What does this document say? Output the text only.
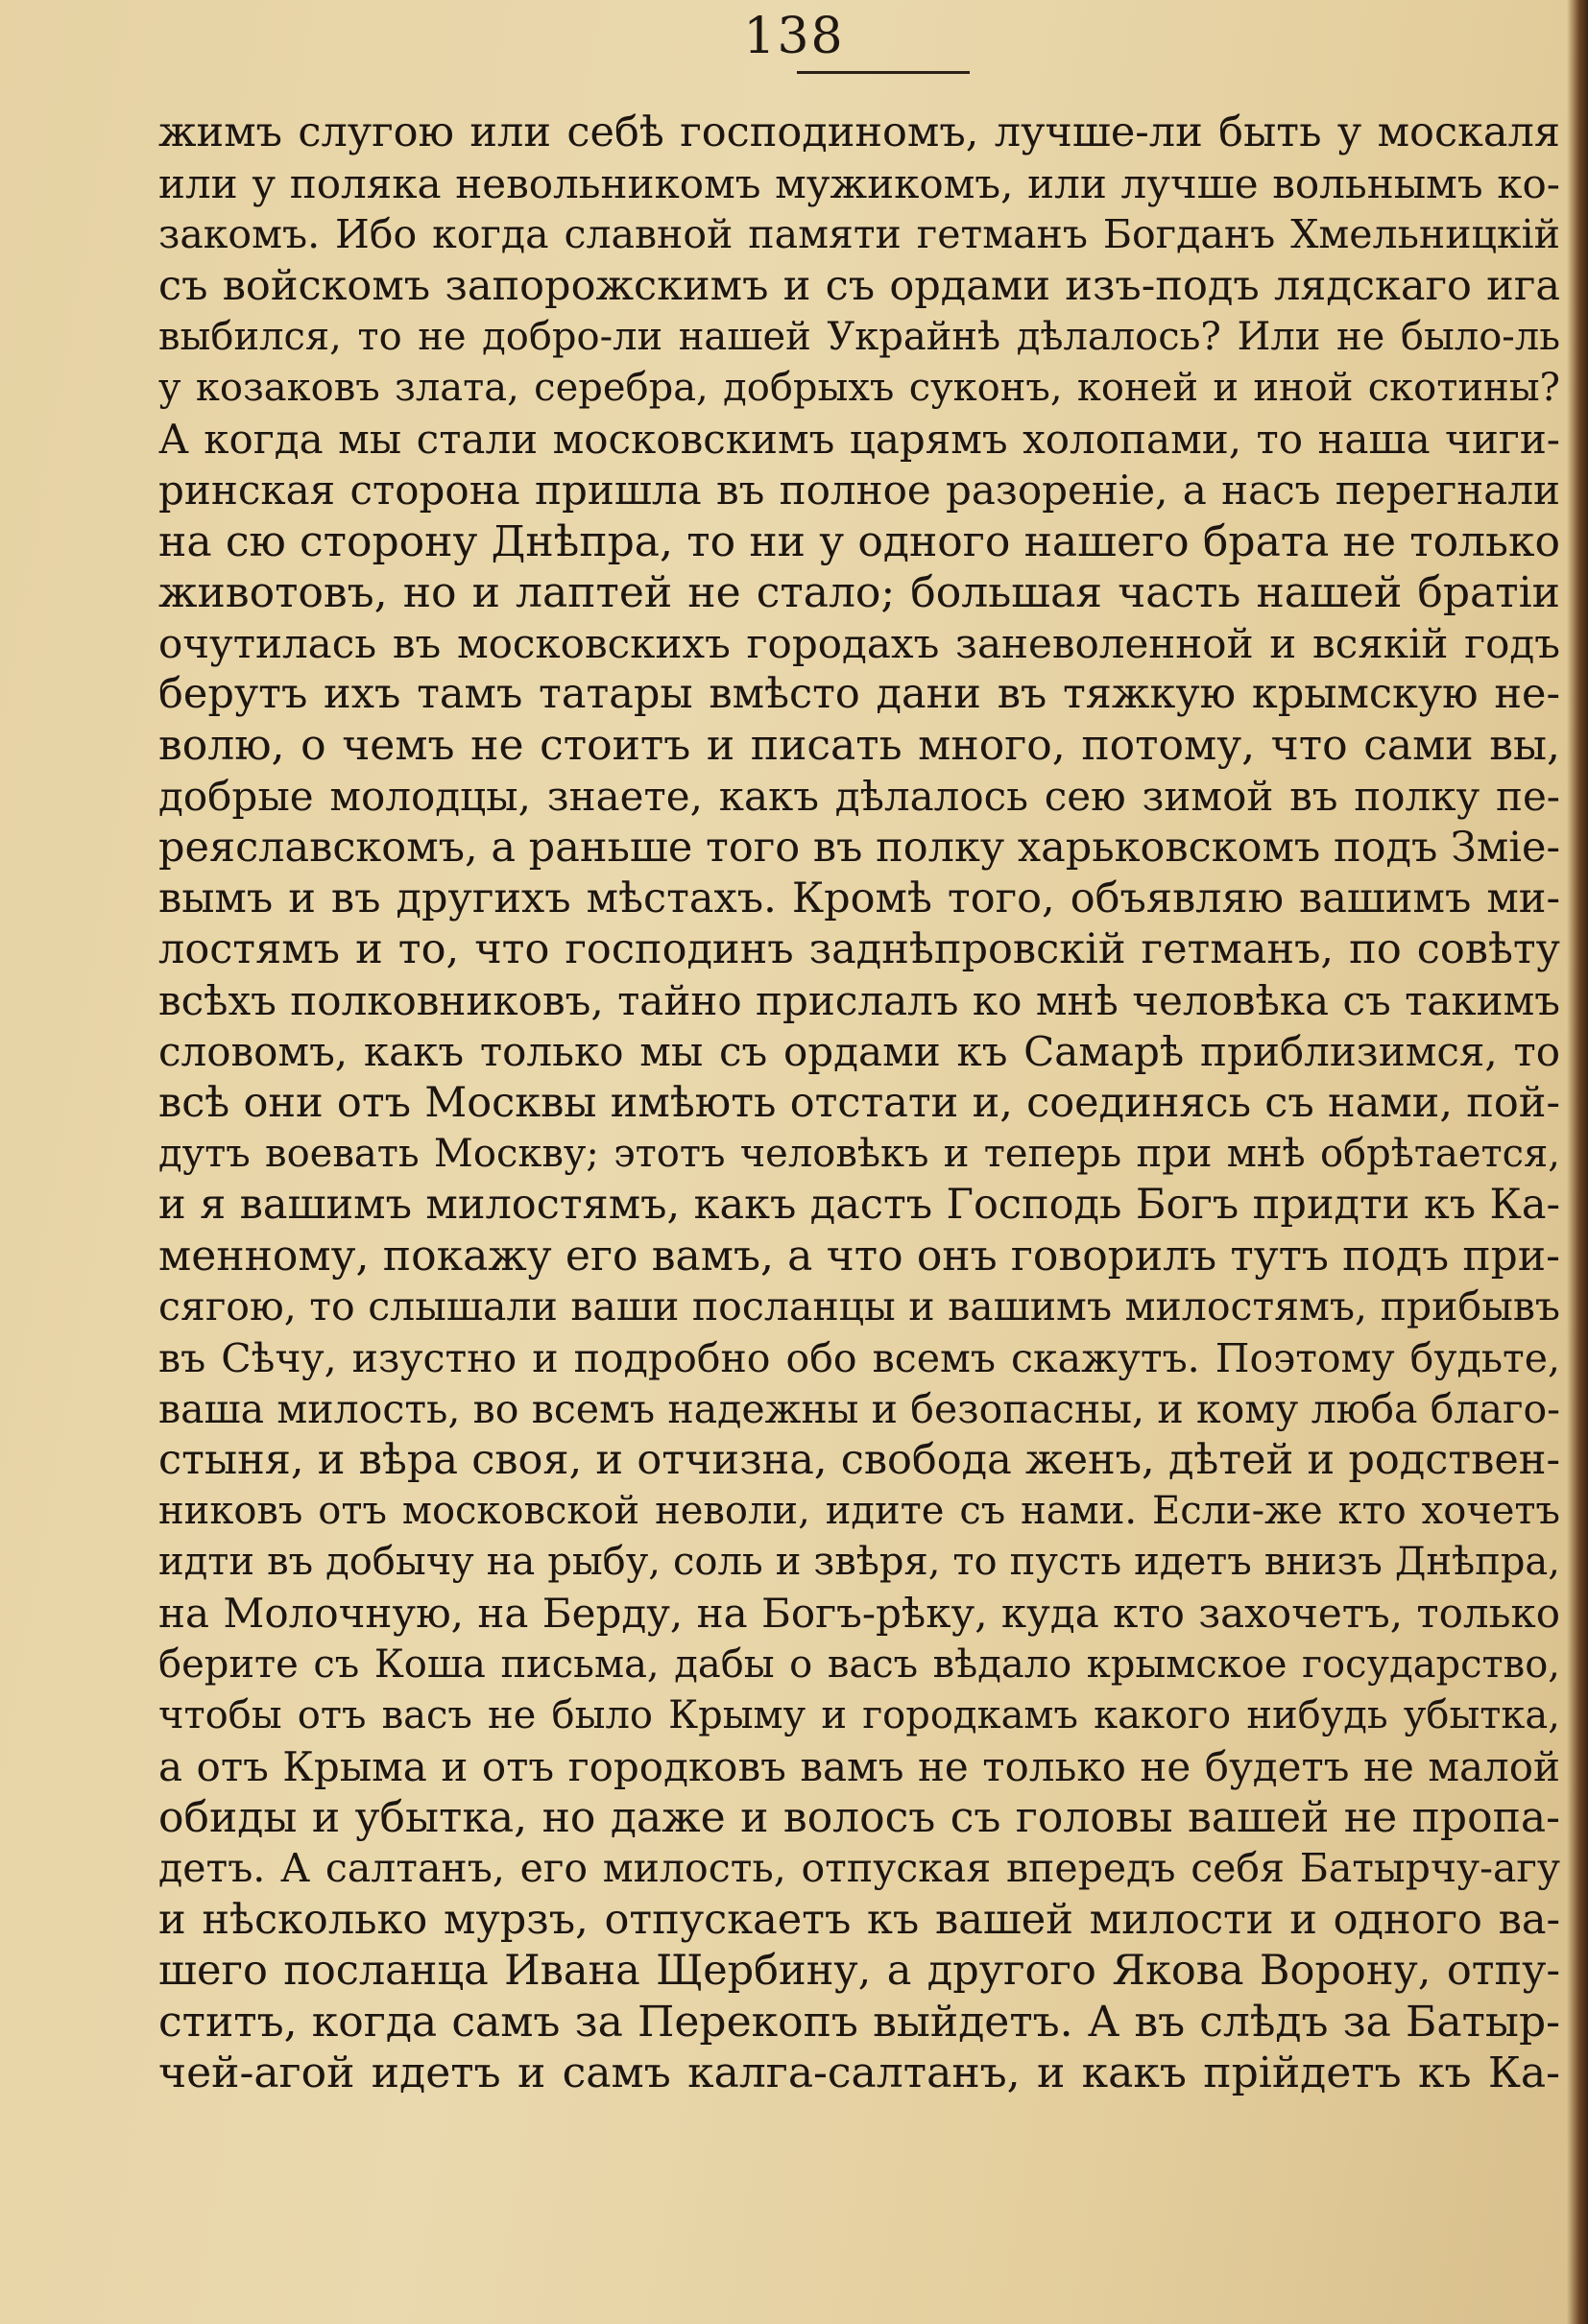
138
жимъ слугою или себѣ господиномъ, лучше-ли быть у москаля
или у поляка невольникомъ мужикомъ, или лучше вольнымъ ко-
закомъ. Ибо когда славной памяти гетманъ Богданъ Хмельницкій
съ войскомъ запорожскимъ и съ ордами изъ-подъ лядскаго ига
выбился, то не добро-ли нашей Украйнѣ дѣлалось? Или не было-ль
у козаковъ злата, серебра, добрыхъ суконъ, коней и иной скотины?
А когда мы стали московскимъ царямъ холопами, то наша чиги-
ринская сторона пришла въ полное разореніе, а насъ перегнали
на сю сторону Днѣпра, то ни у одного нашего брата не только
животовъ, но и лаптей не стало; большая часть нашей братіи
очутилась въ московскихъ городахъ заневоленной и всякій годъ
берутъ ихъ тамъ татары вмѣсто дани въ тяжкую крымскую не-
волю, о чемъ не стоитъ и писать много, потому, что сами вы,
добрые молодцы, знаете, какъ дѣлалось сею зимой въ полку пе-
реяславскомъ, а раньше того въ полку харьковскомъ подъ Зміе-
вымъ и въ другихъ мѣстахъ. Кромѣ того, объявляю вашимъ ми-
лостямъ и то, что господинъ заднѣпровскій гетманъ, по совѣту
всѣхъ полковниковъ, тайно прислалъ ко мнѣ человѣка съ такимъ
словомъ, какъ только мы съ ордами къ Самарѣ приблизимся, то
всѣ они отъ Москвы имѣють отстати и, соединясь съ нами, пой-
дутъ воевать Москву; этотъ человѣкъ и теперь при мнѣ обрѣтается,
и я вашимъ милостямъ, какъ дастъ Господь Богъ придти къ Ка-
менному, покажу его вамъ, а что онъ говорилъ тутъ подъ при-
сягою, то слышали ваши посланцы и вашимъ милостямъ, прибывъ
въ Сѣчу, изустно и подробно обо всемъ скажутъ. Поэтому будьте,
ваша милость, во всемъ надежны и безопасны, и кому люба благо-
стыня, и вѣра своя, и отчизна, свобода женъ, дѣтей и родствен-
никовъ отъ московской неволи, идите съ нами. Если-же кто хочетъ
идти въ добычу на рыбу, соль и звѣря, то пусть идетъ внизъ Днѣпра,
на Молочную, на Берду, на Богъ-рѣку, куда кто захочетъ, только
берите съ Коша письма, дабы о васъ вѣдало крымское государство,
чтобы отъ васъ не было Крыму и городкамъ какого нибудь убытка,
а отъ Крыма и отъ городковъ вамъ не только не будетъ не малой
обиды и убытка, но даже и волосъ съ головы вашей не пропа-
детъ. А салтанъ, его милость, отпуская впередъ себя Батырчу-агу
и нѣсколько мурзъ, отпускаетъ къ вашей милости и одного ва-
шего посланца Ивана Щербину, а другого Якова Ворону, отпу-
ститъ, когда самъ за Перекопъ выйдетъ. А въ слѣдъ за Батыр-
чей-агой идетъ и самъ калга-салтанъ, и какъ прійдетъ къ Ка-
